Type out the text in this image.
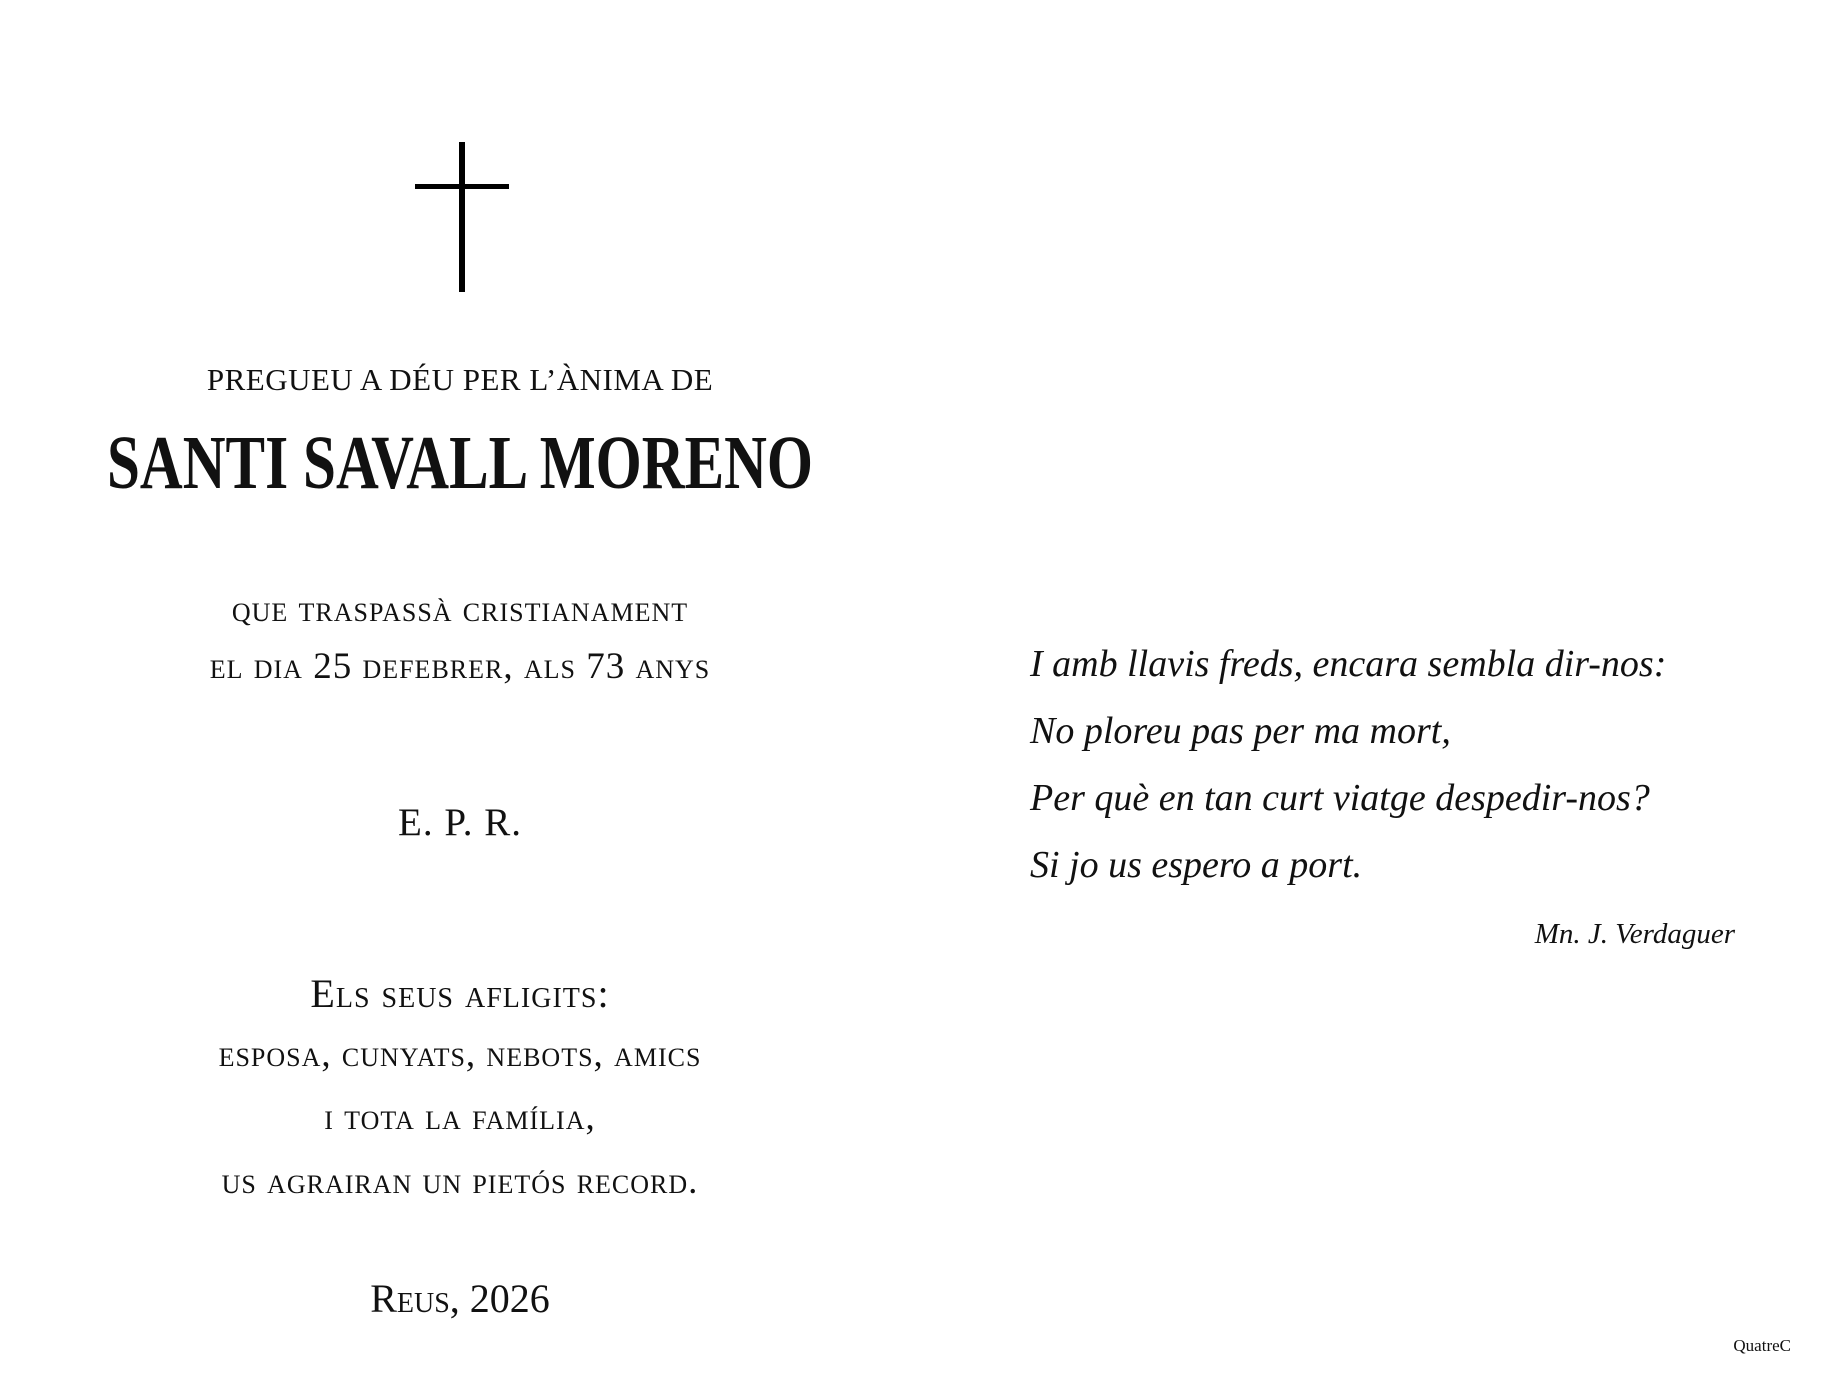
PREGUEU A DÉU PER L’ÀNIMA DE
SANTI SAVALL MORENO
que traspassà cristianament
el dia 25 defebrer, als 73 anys
E. P. R.
Els seus afligits:
esposa, cunyats, nebots, amics
i tota la família,
us agrairan un pietós record.
Reus, 2026
I amb llavis freds, encara sembla dir-nos:
No ploreu pas per ma mort,
Per què en tan curt viatge despedir-nos?
Si jo us espero a port.
Mn. J. Verdaguer
QuatreC
